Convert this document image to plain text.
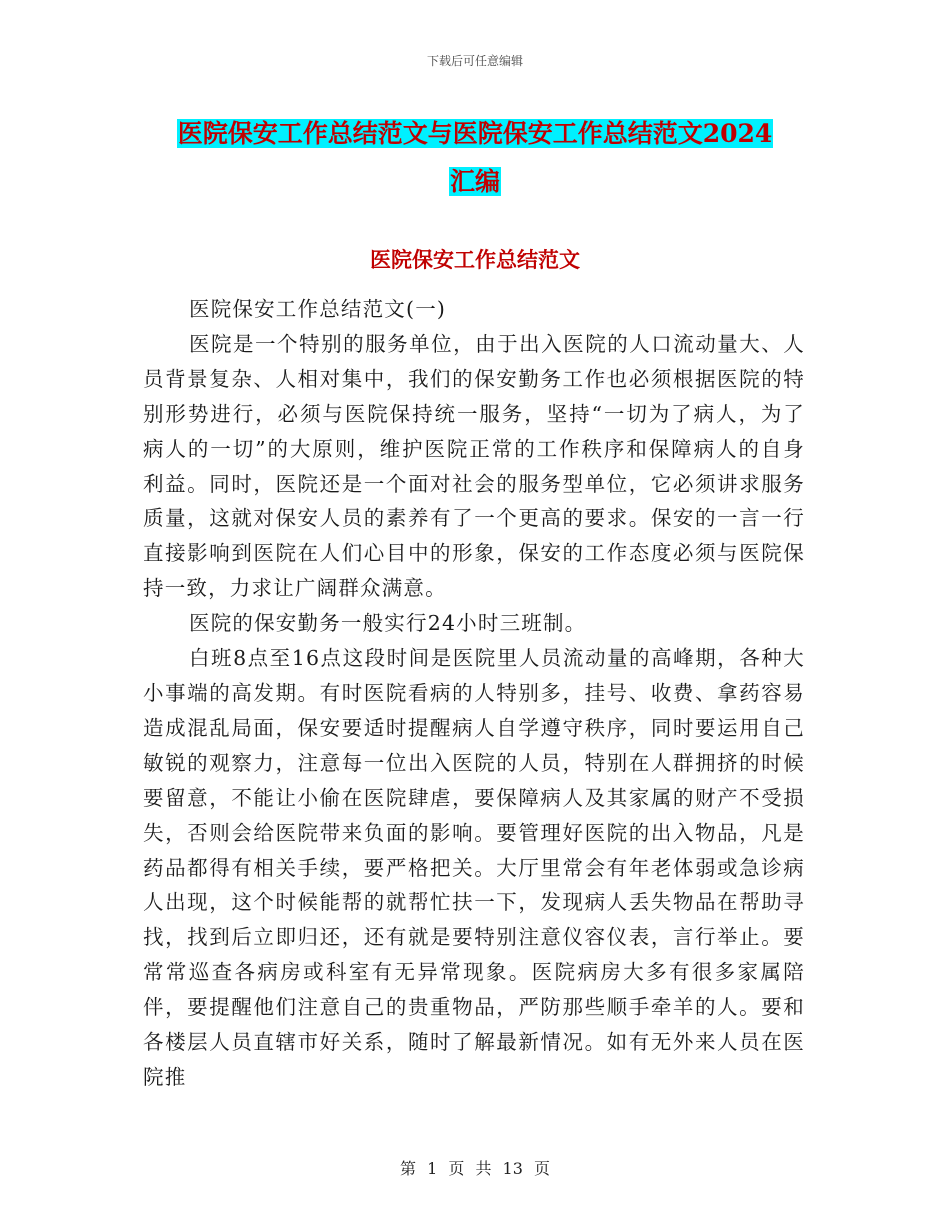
下载后可任意编辑
医院保安工作总结范文与医院保安工作总结范文2024
汇编
医院保安工作总结范文

医院保安工作总结范文(一)

医院是一个特别的服务单位，由于出入医院的人口流动量大、人员背景复杂、人相对集中，我们的保安勤务工作也必须根据医院的特别形势进行，必须与医院保持统一服务，坚持“一切为了病人，为了病人的一切”的大原则，维护医院正常的工作秩序和保障病人的自身利益。同时，医院还是一个面对社会的服务型单位，它必须讲求服务质量，这就对保安人员的素养有了一个更高的要求。保安的一言一行直接影响到医院在人们心目中的形象，保安的工作态度必须与医院保持一致，力求让广阔群众满意。

医院的保安勤务一般实行24小时三班制。

白班8点至16点这段时间是医院里人员流动量的高峰期，各种大小事端的高发期。有时医院看病的人特别多，挂号、收费、拿药容易造成混乱局面，保安要适时提醒病人自学遵守秩序，同时要运用自己敏锐的观察力，注意每一位出入医院的人员，特别在人群拥挤的时候要留意，不能让小偷在医院肆虐，要保障病人及其家属的财产不受损失，否则会给医院带来负面的影响。要管理好医院的出入物品，凡是药品都得有相关手续，要严格把关。大厅里常会有年老体弱或急诊病人出现，这个时候能帮的就帮忙扶一下，发现病人丢失物品在帮助寻找，找到后立即归还，还有就是要特别注意仪容仪表，言行举止。要常常巡查各病房或科室有无异常现象。医院病房大多有很多家属陪伴，要提醒他们注意自己的贵重物品，严防那些顺手牵羊的人。要和各楼层人员直辖市好关系，随时了解最新情况。如有无外来人员在医院推

第 1 页 共 13 页
